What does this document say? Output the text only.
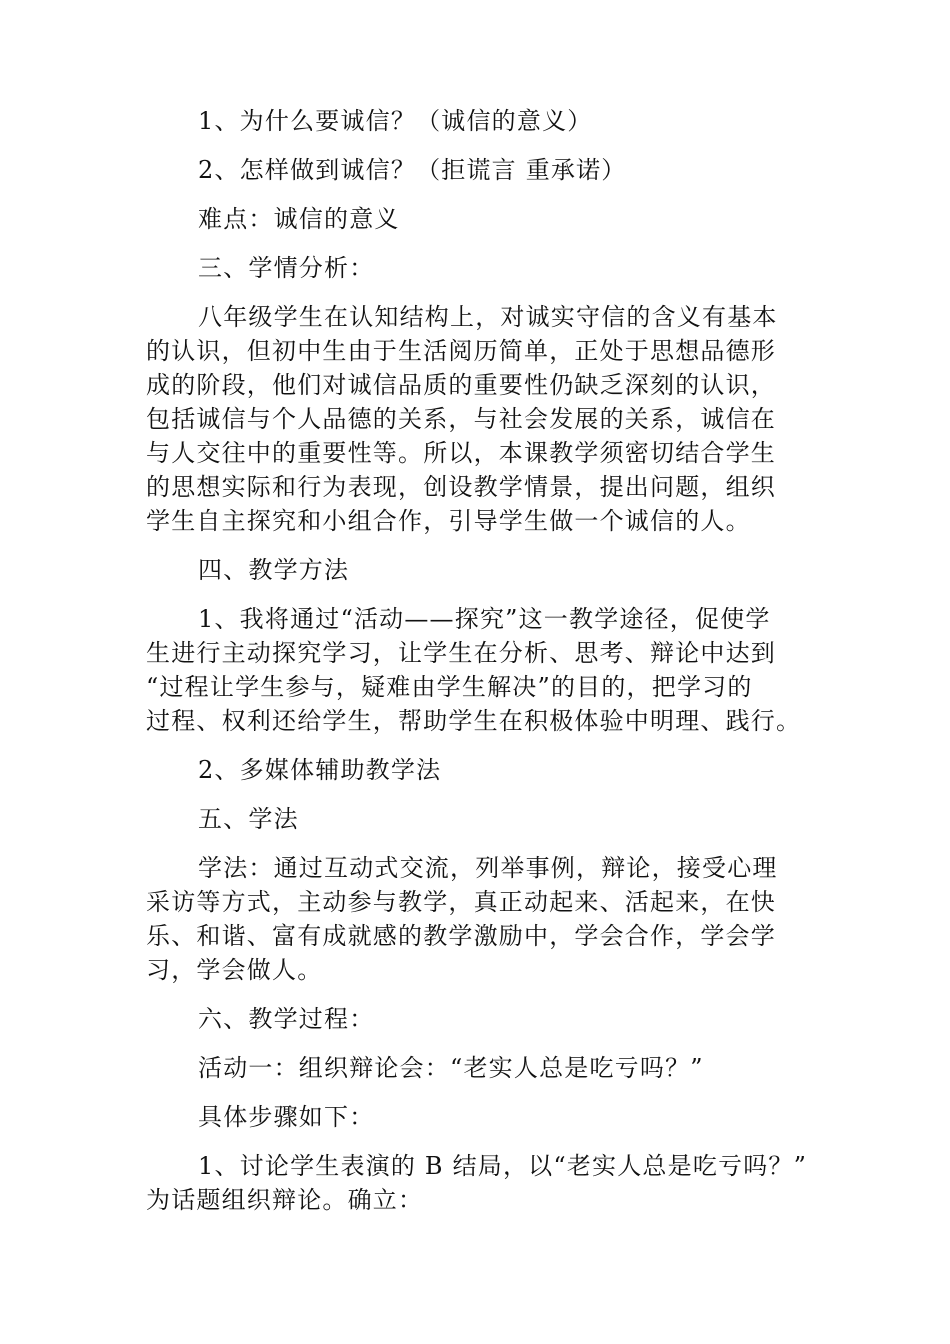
1、为什么要诚信？（诚信的意义）

2、怎样做到诚信？（拒谎言 重承诺）

难点：诚信的意义

三、学情分析：

八年级学生在认知结构上，对诚实守信的含义有基本
的认识，但初中生由于生活阅历简单，正处于思想品德形
成的阶段，他们对诚信品质的重要性仍缺乏深刻的认识，
包括诚信与个人品德的关系，与社会发展的关系，诚信在
与人交往中的重要性等。所以，本课教学须密切结合学生
的思想实际和行为表现，创设教学情景，提出问题，组织
学生自主探究和小组合作，引导学生做一个诚信的人。

四、教学方法

1、我将通过“活动——探究”这一教学途径，促使学
生进行主动探究学习，让学生在分析、思考、辩论中达到
“过程让学生参与，疑难由学生解决”的目的，把学习的
过程、权利还给学生，帮助学生在积极体验中明理、践行。

2、多媒体辅助教学法

五、学法

学法：通过互动式交流，列举事例，辩论，接受心理
采访等方式，主动参与教学，真正动起来、活起来，在快
乐、和谐、富有成就感的教学激励中，学会合作，学会学
习，学会做人。

六、教学过程：

活动一：组织辩论会：“老实人总是吃亏吗？”

具体步骤如下：

1、讨论学生表演的 B 结局，以“老实人总是吃亏吗？”
为话题组织辩论。确立：
